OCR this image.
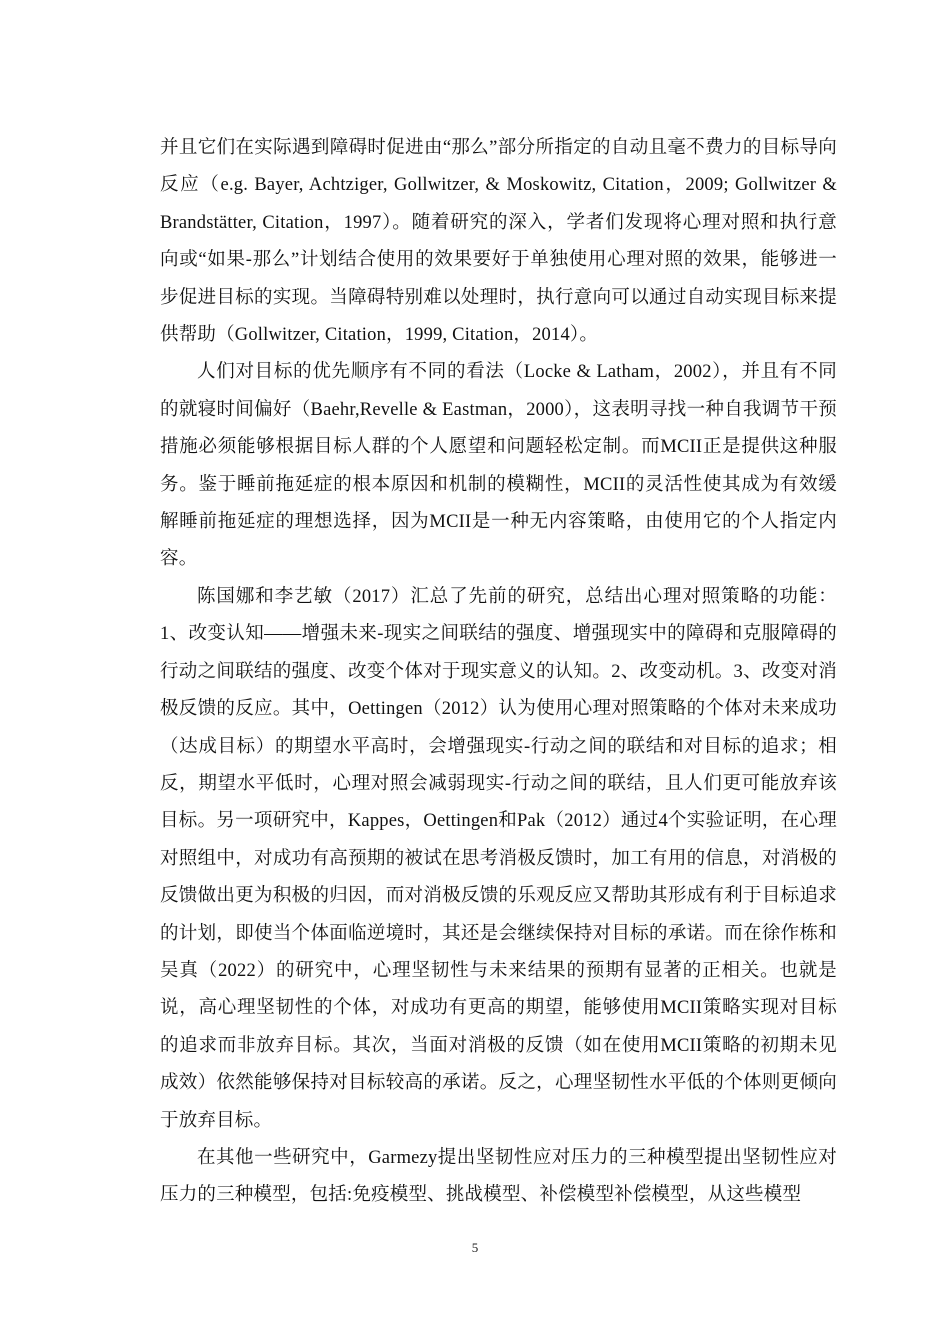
并且它们在实际遇到障碍时促进由“那么”部分所指定的自动且毫不费力的目标导向反应（e.g. Bayer, Achtziger, Gollwitzer, & Moskowitz, Citation，2009; Gollwitzer & Brandstätter, Citation，1997）。随着研究的深入，学者们发现将心理对照和执行意向或“如果-那么”计划结合使用的效果要好于单独使用心理对照的效果，能够进一步促进目标的实现。当障碍特别难以处理时，执行意向可以通过自动实现目标来提供帮助（Gollwitzer, Citation，1999, Citation，2014）。

人们对目标的优先顺序有不同的看法（Locke & Latham，2002），并且有不同的就寝时间偏好（Baehr,Revelle & Eastman，2000），这表明寻找一种自我调节干预措施必须能够根据目标人群的个人愿望和问题轻松定制。而MCII正是提供这种服务。鉴于睡前拖延症的根本原因和机制的模糊性，MCII的灵活性使其成为有效缓解睡前拖延症的理想选择，因为MCII是一种无内容策略，由使用它的个人指定内容。

陈国娜和李艺敏（2017）汇总了先前的研究，总结出心理对照策略的功能：1、改变认知——增强未来-现实之间联结的强度、增强现实中的障碍和克服障碍的行动之间联结的强度、改变个体对于现实意义的认知。2、改变动机。3、改变对消极反馈的反应。其中，Oettingen（2012）认为使用心理对照策略的个体对未来成功（达成目标）的期望水平高时，会增强现实-行动之间的联结和对目标的追求；相反，期望水平低时，心理对照会减弱现实-行动之间的联结，且人们更可能放弃该目标。另一项研究中，Kappes，Oettingen和Pak（2012）通过4个实验证明，在心理对照组中，对成功有高预期的被试在思考消极反馈时，加工有用的信息，对消极的反馈做出更为积极的归因，而对消极反馈的乐观反应又帮助其形成有利于目标追求的计划，即使当个体面临逆境时，其还是会继续保持对目标的承诺。而在徐作栋和吴真（2022）的研究中，心理坚韧性与未来结果的预期有显著的正相关。也就是说，高心理坚韧性的个体，对成功有更高的期望，能够使用MCII策略实现对目标的追求而非放弃目标。其次，当面对消极的反馈（如在使用MCII策略的初期未见成效）依然能够保持对目标较高的承诺。反之，心理坚韧性水平低的个体则更倾向于放弃目标。

在其他一些研究中，Garmezy提出坚韧性应对压力的三种模型提出坚韧性应对压力的三种模型，包括:免疫模型、挑战模型、补偿模型补偿模型，从这些模型

5
